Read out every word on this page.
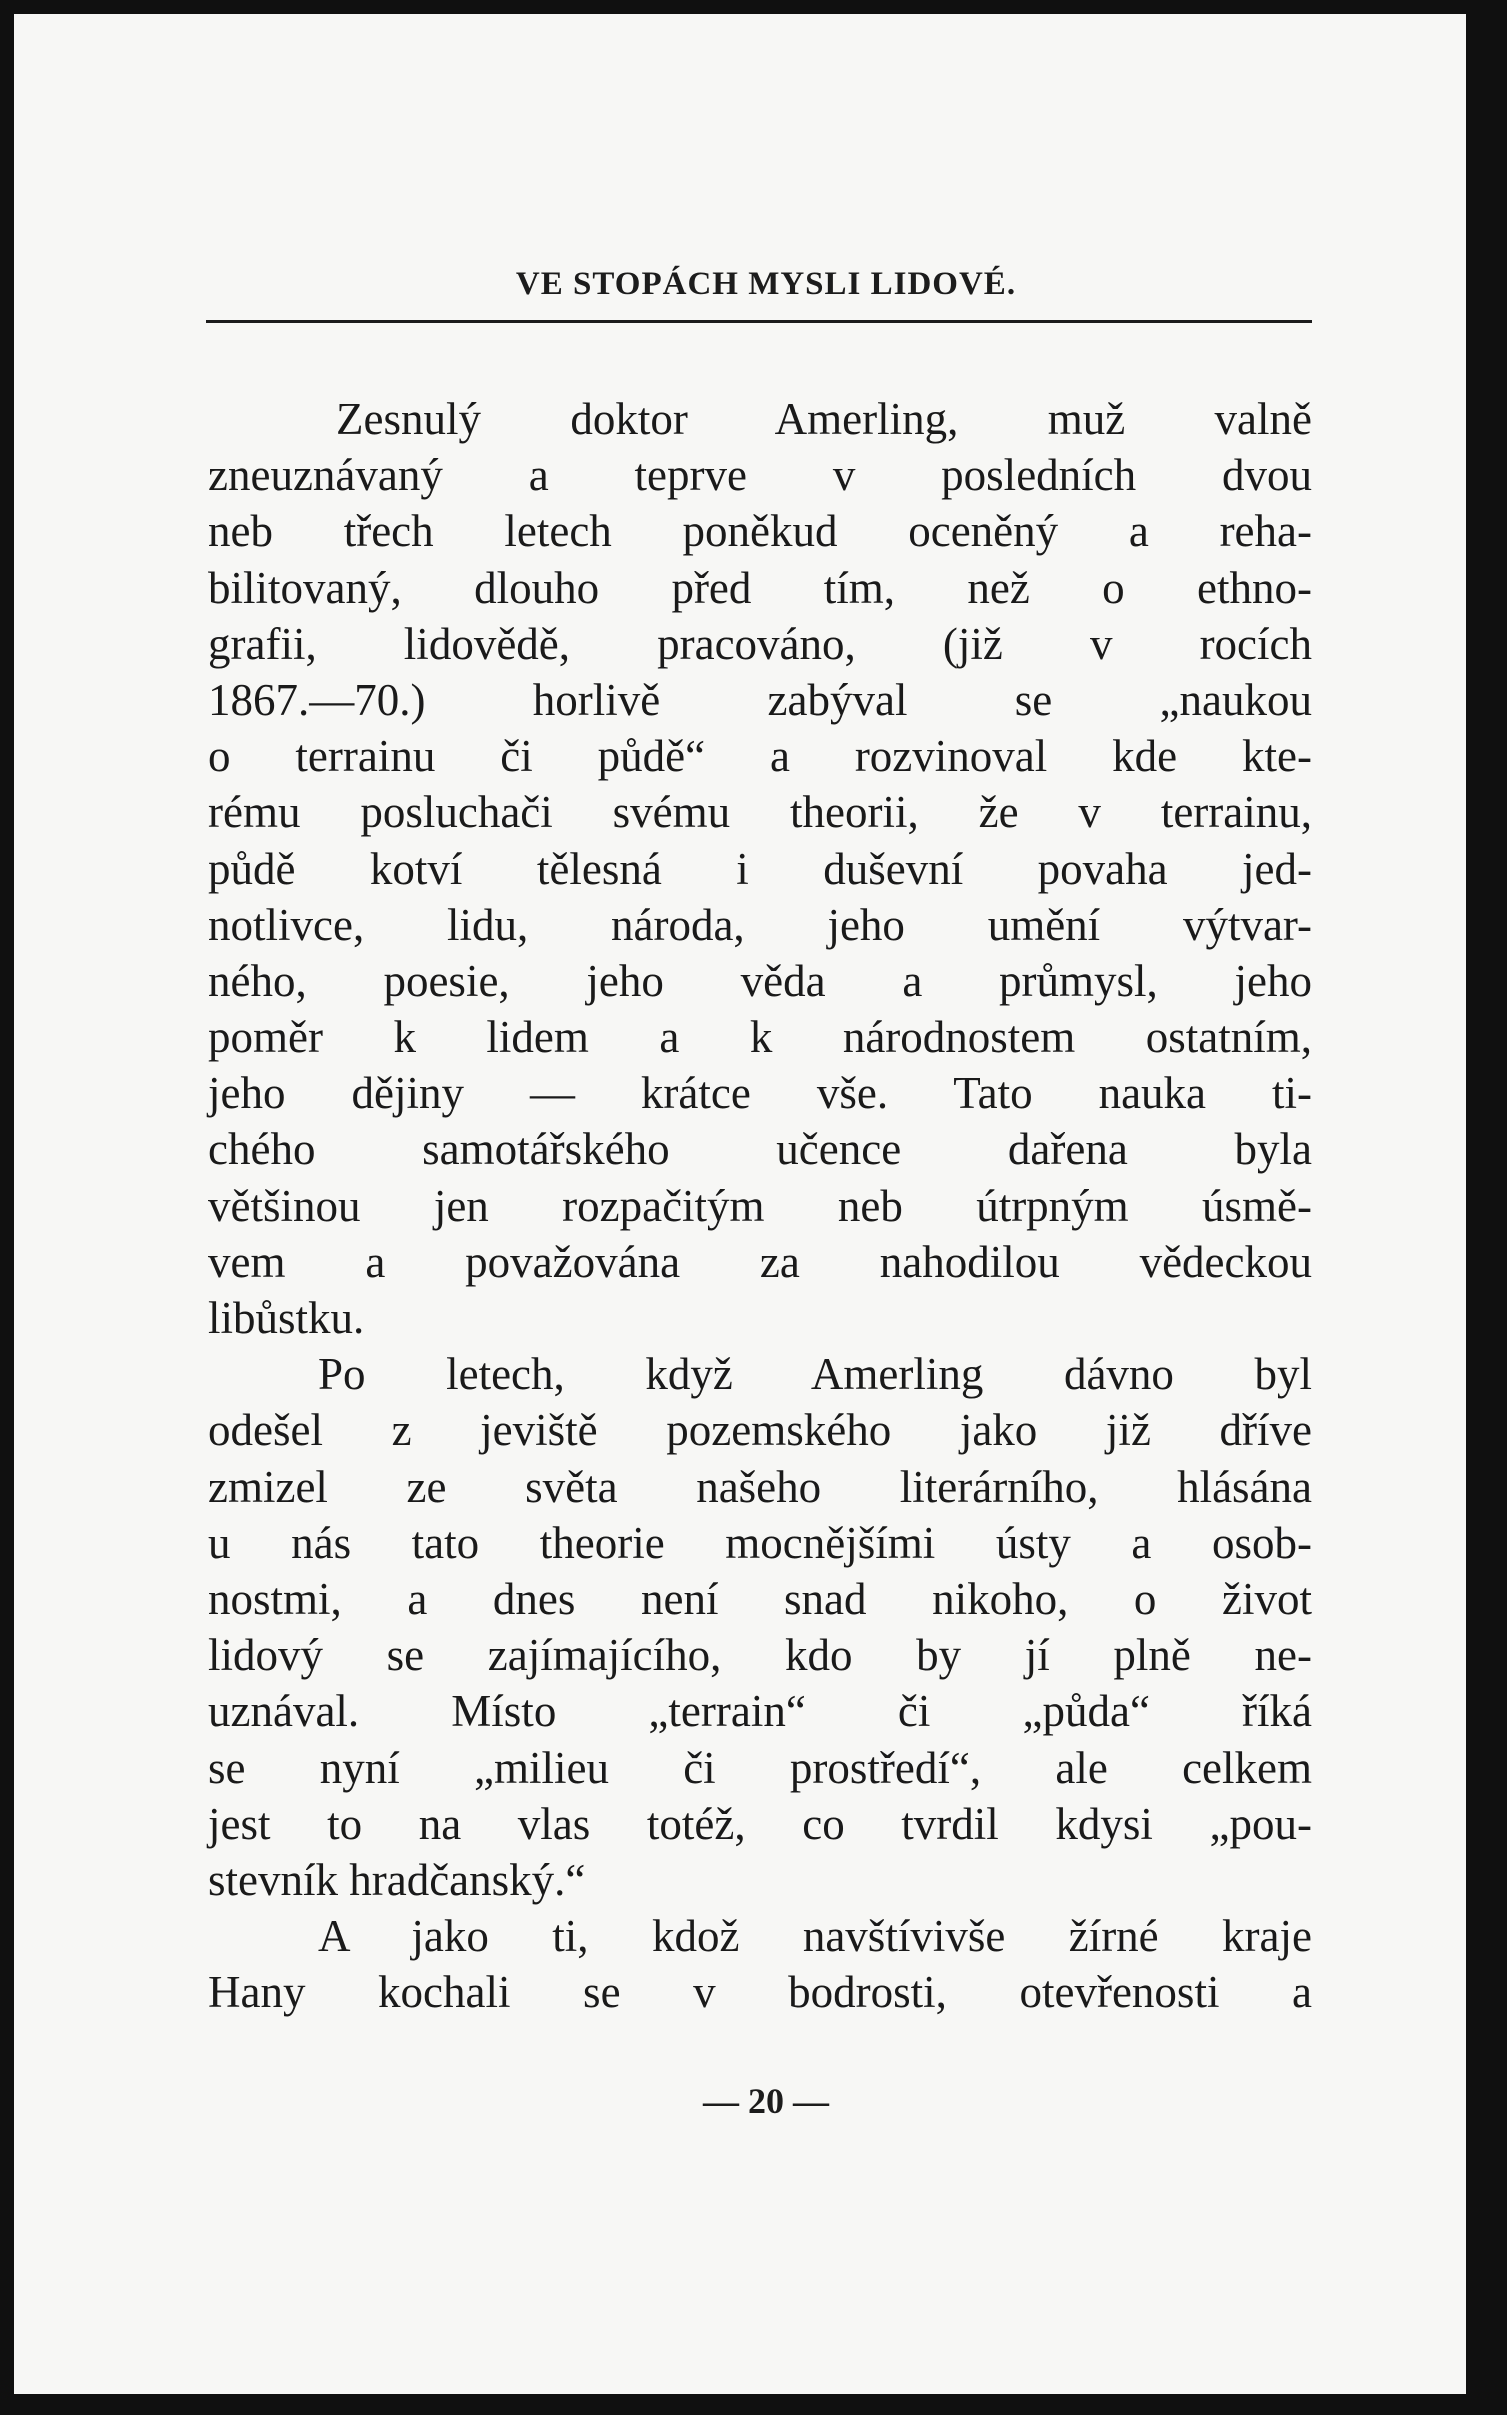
VE STOPÁCH MYSLI LIDOVÉ.
Zesnulý doktor Amerling, muž valně
zneuznávaný a teprve v posledních dvou
neb třech letech poněkud oceněný a reha-
bilitovaný, dlouho před tím, než o ethno-
grafii, lidovědě, pracováno, (již v rocích
1867.—70.) horlivě zabýval se „naukou
o terrainu či půdě“ a rozvinoval kde kte-
rému posluchači svému theorii, že v terrainu,
půdě kotví tělesná i duševní povaha jed-
notlivce, lidu, národa, jeho umění výtvar-
ného, poesie, jeho věda a průmysl, jeho
poměr k lidem a k národnostem ostatním,
jeho dějiny — krátce vše. Tato nauka ti-
chého samotářského učence dařena byla
většinou jen rozpačitým neb útrpným úsmě-
vem a považována za nahodilou vědeckou
libůstku.
Po letech, když Amerling dávno byl
odešel z jeviště pozemského jako již dříve
zmizel ze světa našeho literárního, hlásána
u nás tato theorie mocnějšími ústy a osob-
nostmi, a dnes není snad nikoho, o život
lidový se zajímajícího, kdo by jí plně ne-
uznával. Místo „terrain“ či „půda“ říká
se nyní „milieu či prostředí“, ale celkem
jest to na vlas totéž, co tvrdil kdysi „pou-
stevník hradčanský.“
A jako ti, kdož navštívivše žírné kraje
Hany kochali se v bodrosti, otevřenosti a
— 20 —
